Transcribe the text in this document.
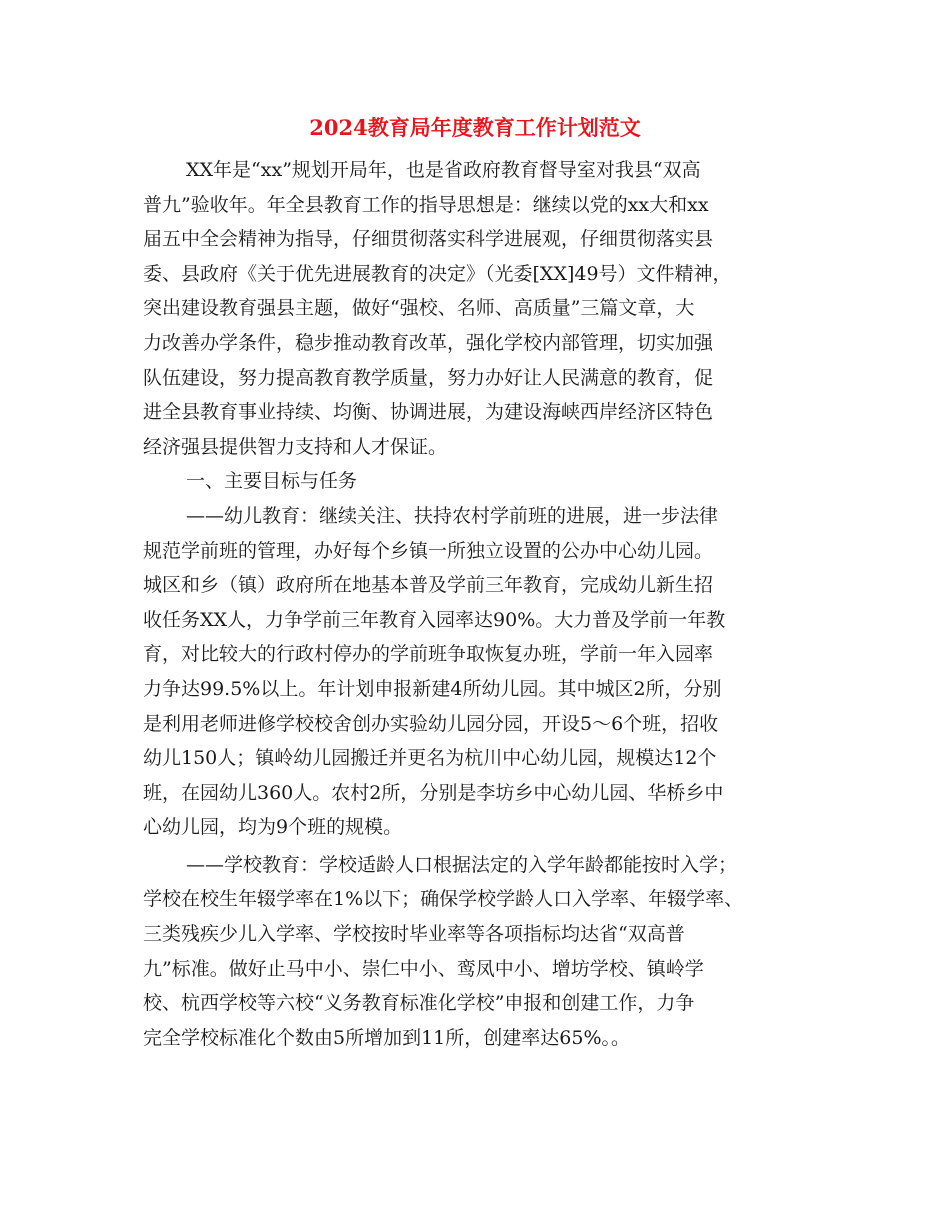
2024教育局年度教育工作计划范文
XX年是“xx”规划开局年，也是省政府教育督导室对我县“双高
普九”验收年。年全县教育工作的指导思想是：继续以党的xx大和xx
届五中全会精神为指导，仔细贯彻落实科学进展观，仔细贯彻落实县
委、县政府《关于优先进展教育的决定》（光委[XX]49号）文件精神，
突出建设教育强县主题，做好“强校、名师、高质量”三篇文章，大
力改善办学条件，稳步推动教育改革，强化学校内部管理，切实加强
队伍建设，努力提高教育教学质量，努力办好让人民满意的教育，促
进全县教育事业持续、均衡、协调进展，为建设海峡西岸经济区特色
经济强县提供智力支持和人才保证。
一、主要目标与任务
——幼儿教育：继续关注、扶持农村学前班的进展，进一步法律
规范学前班的管理，办好每个乡镇一所独立设置的公办中心幼儿园。
城区和乡（镇）政府所在地基本普及学前三年教育，完成幼儿新生招
收任务XX人，力争学前三年教育入园率达90%。大力普及学前一年教
育，对比较大的行政村停办的学前班争取恢复办班，学前一年入园率
力争达99.5%以上。年计划申报新建4所幼儿园。其中城区2所，分别
是利用老师进修学校校舍创办实验幼儿园分园，开设5～6个班，招收
幼儿150人；镇岭幼儿园搬迁并更名为杭川中心幼儿园，规模达12个
班，在园幼儿360人。农村2所，分别是李坊乡中心幼儿园、华桥乡中
心幼儿园，均为9个班的规模。
——学校教育：学校适龄人口根据法定的入学年龄都能按时入学；
学校在校生年辍学率在1%以下；确保学校学龄人口入学率、年辍学率、
三类残疾少儿入学率、学校按时毕业率等各项指标均达省“双高普
九”标准。做好止马中小、崇仁中小、鸾凤中小、增坊学校、镇岭学
校、杭西学校等六校“义务教育标准化学校”申报和创建工作，力争
完全学校标准化个数由5所增加到11所，创建率达65%。。
